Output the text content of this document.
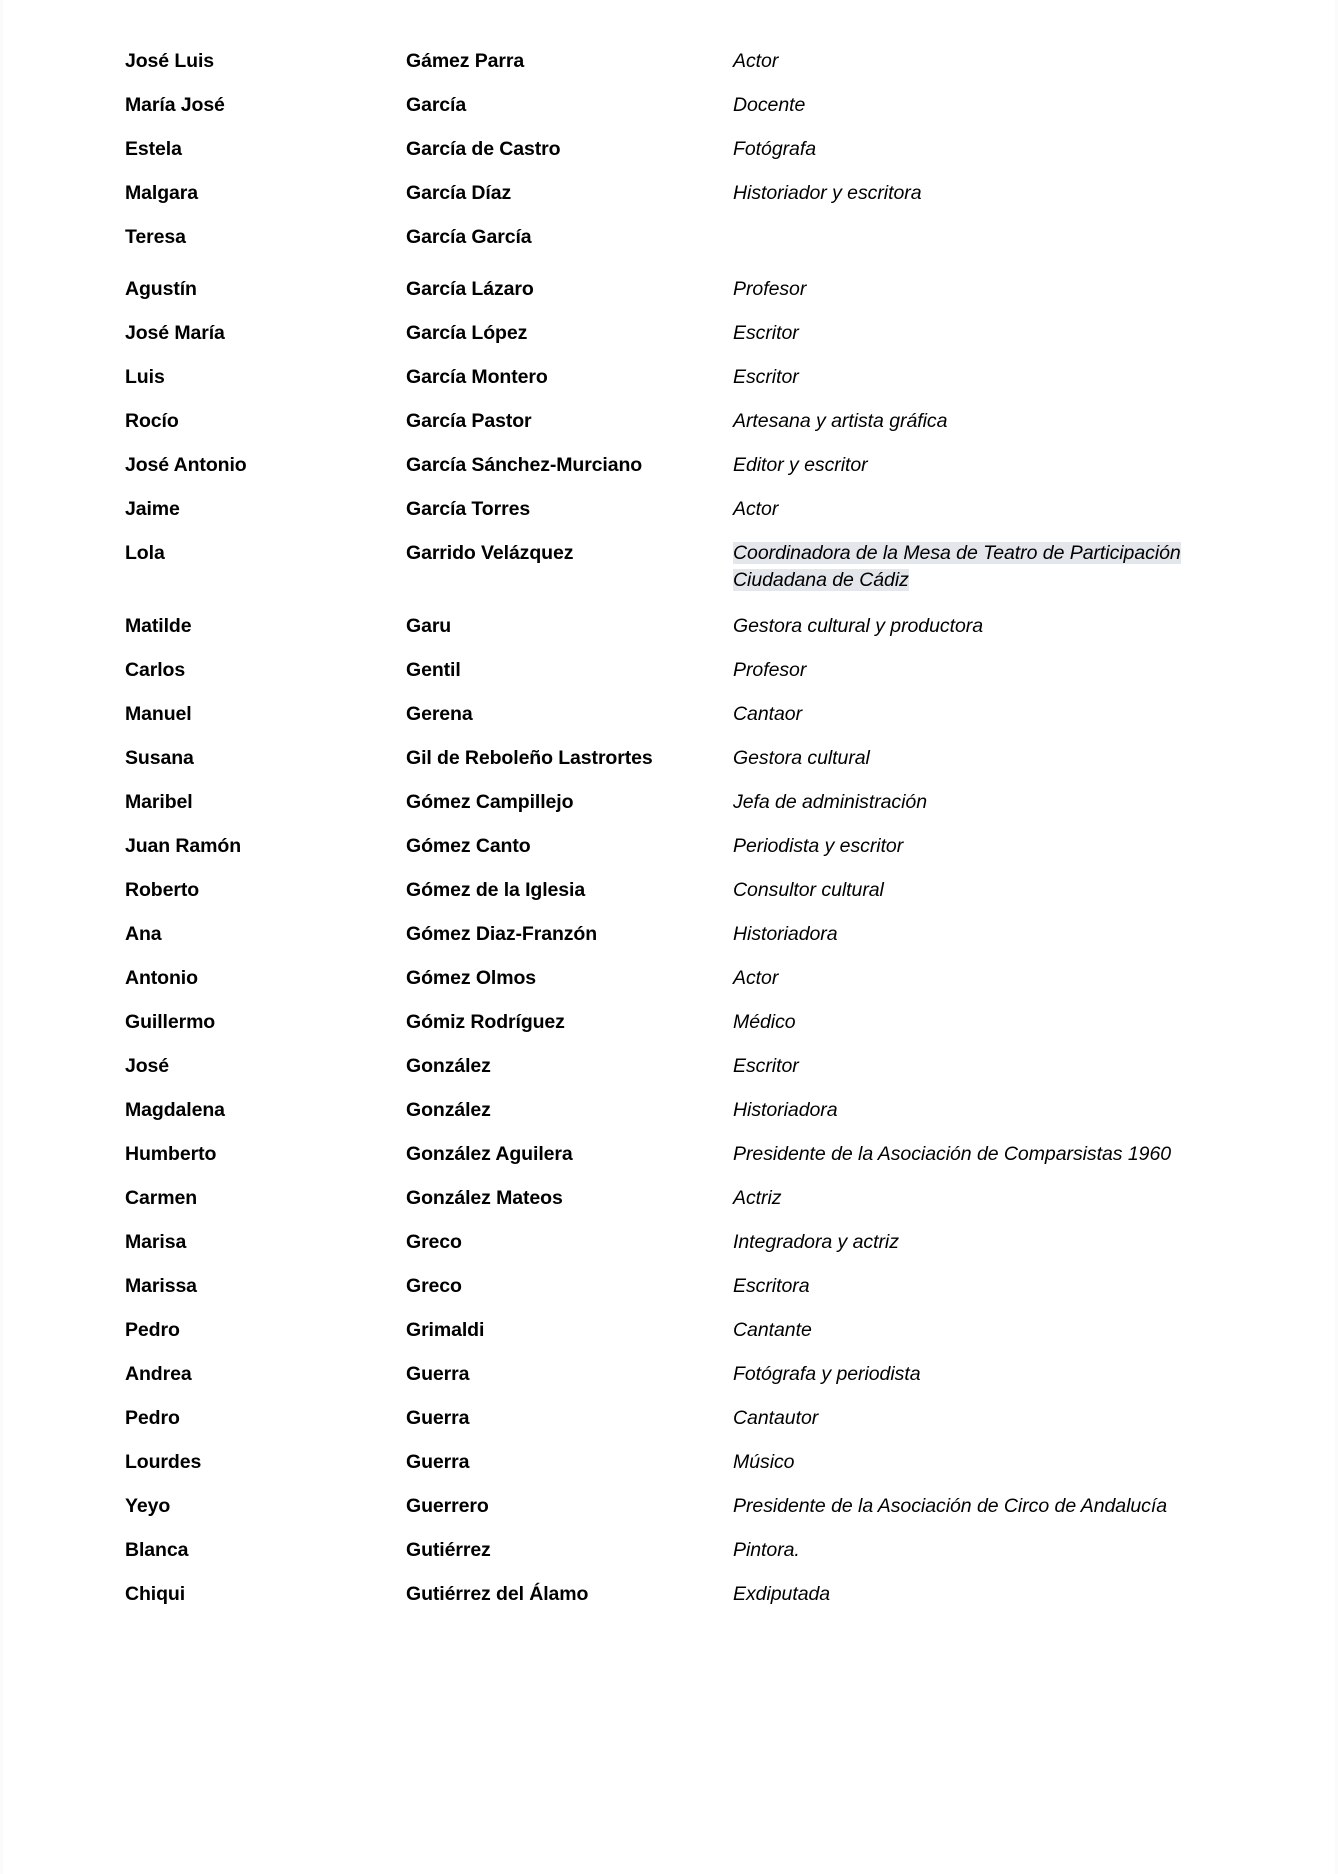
José Luis	Gámez Parra	Actor
María José	García	Docente
Estela	García de Castro	Fotógrafa
Malgara	García Díaz	Historiador y escritora
Teresa	García García
Agustín	García Lázaro	Profesor
José María	García López	Escritor
Luis	García Montero	Escritor
Rocío	García Pastor	Artesana y artista gráfica
José Antonio	García Sánchez-Murciano	Editor y escritor
Jaime	García Torres	Actor
Lola	Garrido Velázquez	Coordinadora de la Mesa de Teatro de Participación Ciudadana de Cádiz
Matilde	Garu	Gestora cultural y productora
Carlos	Gentil	Profesor
Manuel	Gerena	Cantaor
Susana	Gil de Reboleño Lastrortes	Gestora cultural
Maribel	Gómez Campillejo	Jefa de administración
Juan Ramón	Gómez Canto	Periodista y escritor
Roberto	Gómez de la Iglesia	Consultor cultural
Ana	Gómez Diaz-Franzón	Historiadora
Antonio	Gómez Olmos	Actor
Guillermo	Gómiz Rodríguez	Médico
José	González	Escritor
Magdalena	González	Historiadora
Humberto	González Aguilera	Presidente de la Asociación de Comparsistas 1960
Carmen	González Mateos	Actriz
Marisa	Greco	Integradora y actriz
Marissa	Greco	Escritora
Pedro	Grimaldi	Cantante
Andrea	Guerra	Fotógrafa y periodista
Pedro	Guerra	Cantautor
Lourdes	Guerra	Músico
Yeyo	Guerrero	Presidente de la Asociación de Circo de Andalucía
Blanca	Gutiérrez	Pintora.
Chiqui	Gutiérrez del Álamo	Exdiputada
